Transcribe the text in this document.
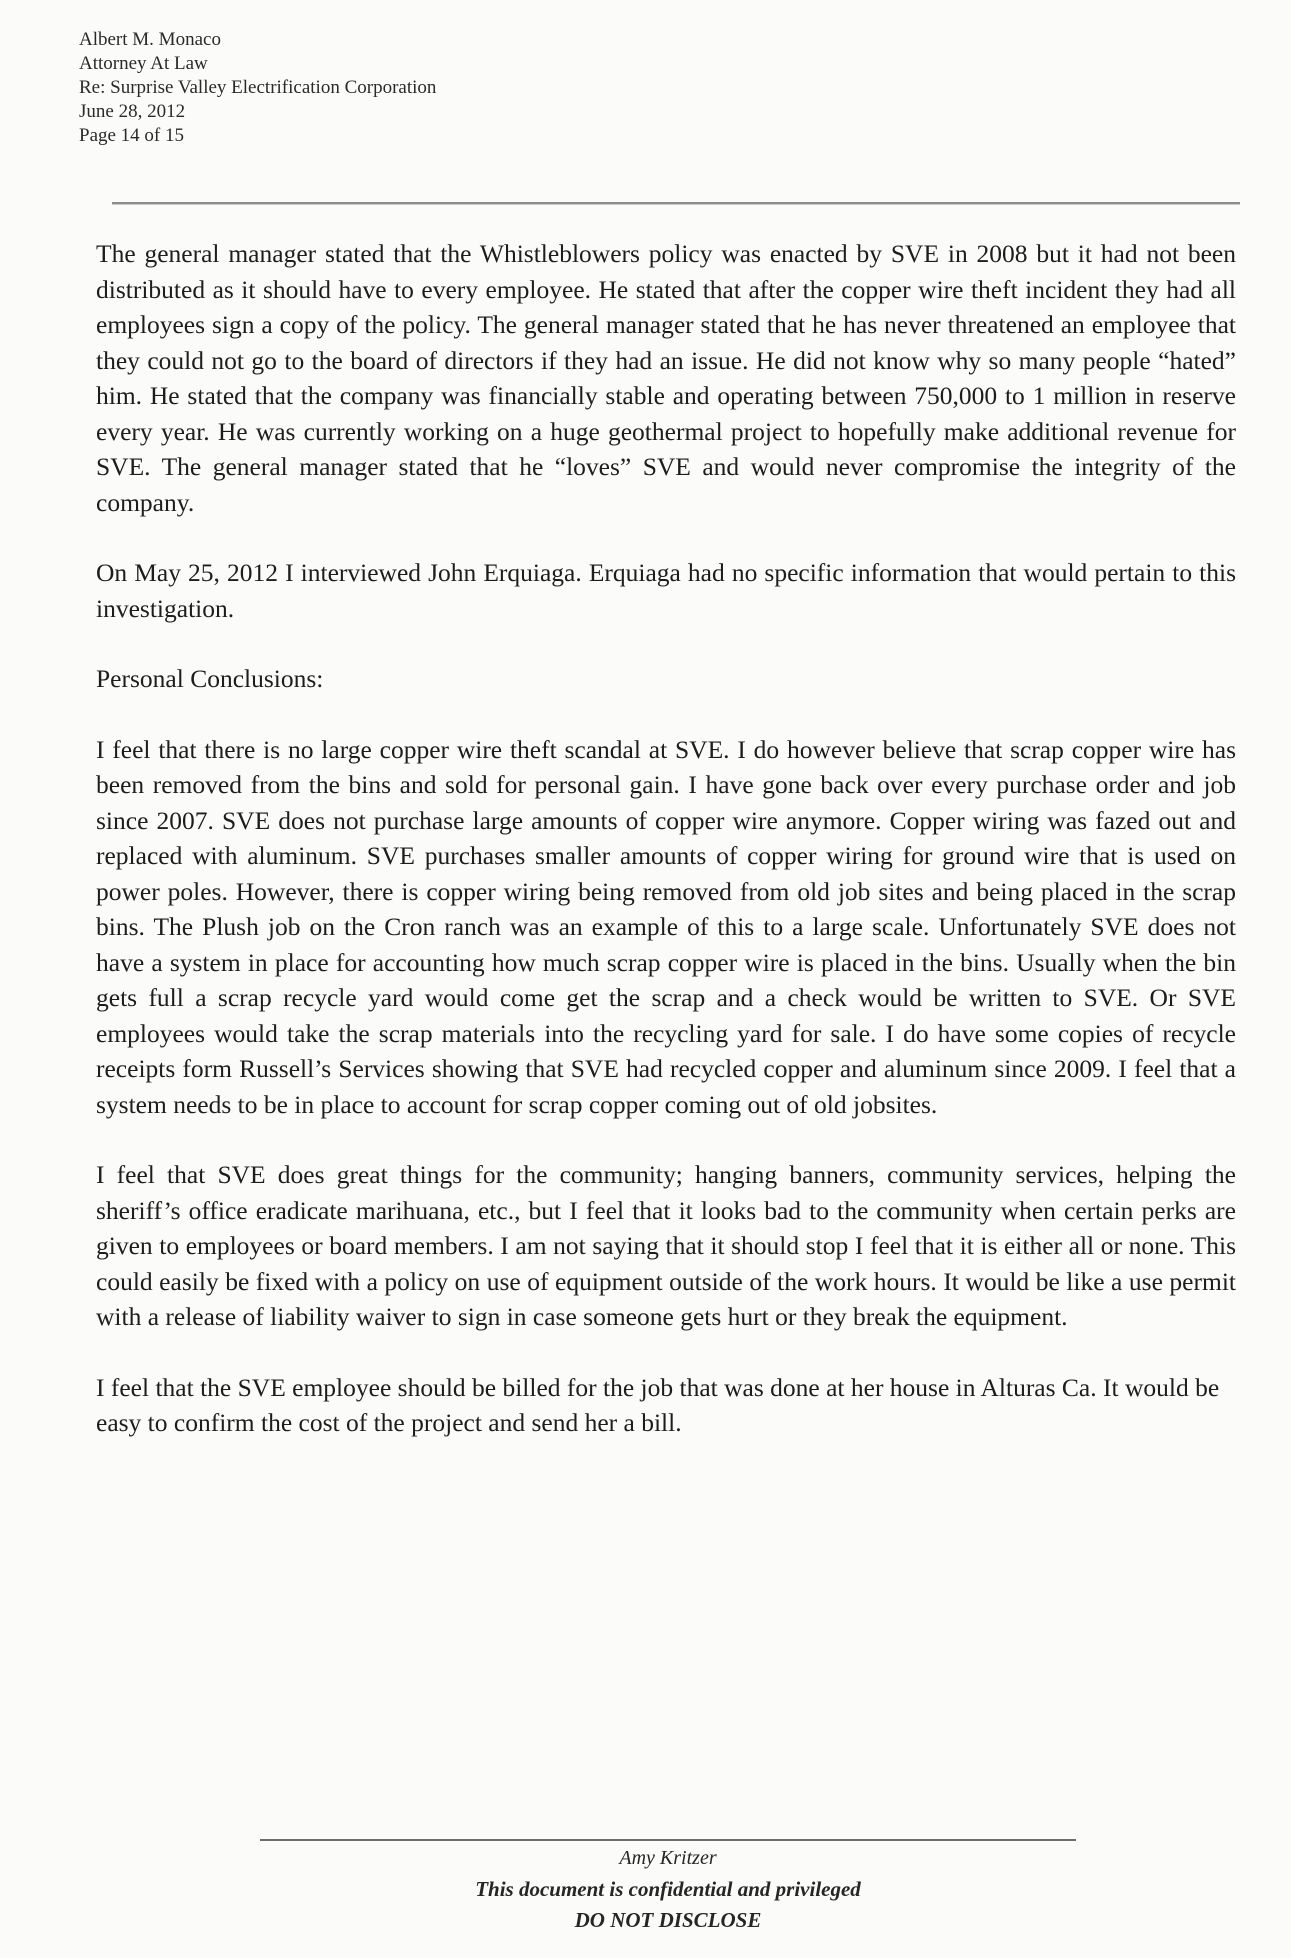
Albert M. Monaco
Attorney At Law
Re: Surprise Valley Electrification Corporation
June 28, 2012
Page 14 of 15

The general manager stated that the Whistleblowers policy was enacted by SVE in 2008 but it had not been distributed as it should have to every employee. He stated that after the copper wire theft incident they had all employees sign a copy of the policy. The general manager stated that he has never threatened an employee that they could not go to the board of directors if they had an issue. He did not know why so many people “hated” him. He stated that the company was financially stable and operating between 750,000 to 1 million in reserve every year. He was currently working on a huge geothermal project to hopefully make additional revenue for SVE. The general manager stated that he “loves” SVE and would never compromise the integrity of the company.

On May 25, 2012 I interviewed John Erquiaga. Erquiaga had no specific information that would pertain to this investigation.

Personal Conclusions:

I feel that there is no large copper wire theft scandal at SVE. I do however believe that scrap copper wire has been removed from the bins and sold for personal gain. I have gone back over every purchase order and job since 2007. SVE does not purchase large amounts of copper wire anymore. Copper wiring was fazed out and replaced with aluminum. SVE purchases smaller amounts of copper wiring for ground wire that is used on power poles. However, there is copper wiring being removed from old job sites and being placed in the scrap bins. The Plush job on the Cron ranch was an example of this to a large scale. Unfortunately SVE does not have a system in place for accounting how much scrap copper wire is placed in the bins. Usually when the bin gets full a scrap recycle yard would come get the scrap and a check would be written to SVE. Or SVE employees would take the scrap materials into the recycling yard for sale. I do have some copies of recycle receipts form Russell’s Services showing that SVE had recycled copper and aluminum since 2009. I feel that a system needs to be in place to account for scrap copper coming out of old jobsites.

I feel that SVE does great things for the community; hanging banners, community services, helping the sheriff’s office eradicate marihuana, etc., but I feel that it looks bad to the community when certain perks are given to employees or board members. I am not saying that it should stop I feel that it is either all or none. This could easily be fixed with a policy on use of equipment outside of the work hours. It would be like a use permit with a release of liability waiver to sign in case someone gets hurt or they break the equipment.

I feel that the SVE employee should be billed for the job that was done at her house in Alturas Ca. It would be easy to confirm the cost of the project and send her a bill.

Amy Kritzer
This document is confidential and privileged
DO NOT DISCLOSE
